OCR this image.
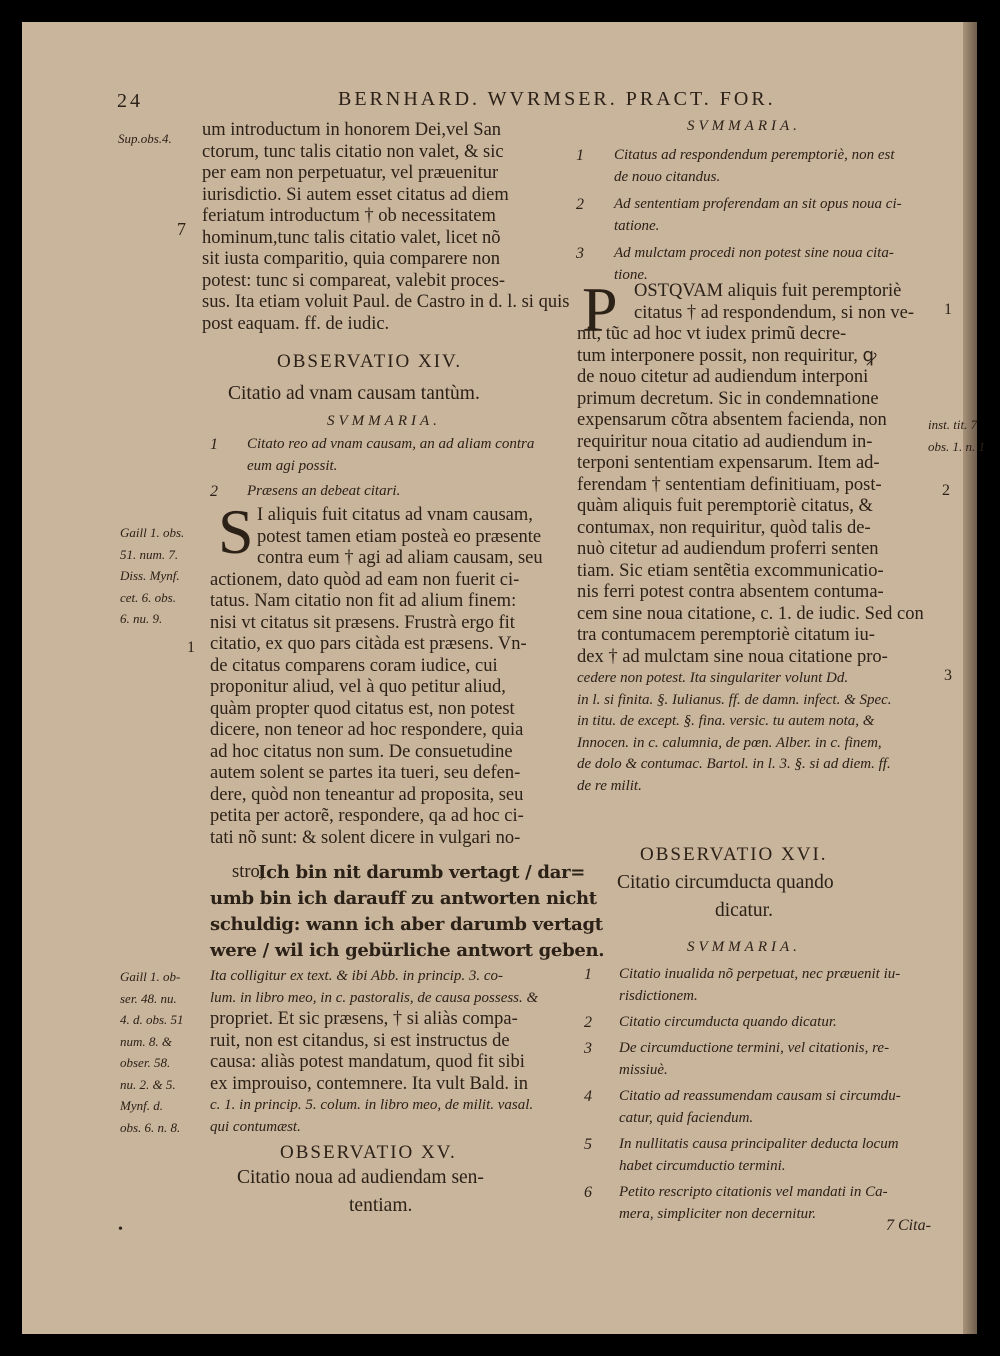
24	BERNHARD. WVRMSER. PRACT. FOR.
Sup.obs.4. um introductum in honorem Dei,vel San
ctorum, tunc talis citatio non valet, & sic
per eam non perpetuatur, vel præuenitur
iurisdictio. Si autem esset citatus ad diem
feriatum introductum † ob necessitatem
hominum,tunc talis citatio valet, licet nõ
sit iusta comparitio, quia comparere non
potest: tunc si compareat, valebit proces-
sus. Ita etiam voluit Paul. de Castro in d. l. si quis
post eaquam. ff. de iudic.
7
OBSERVATIO XIV.
Citatio ad vnam causam tantùm.
SVMMARIA.
1 Citato reo ad vnam causam, an ad aliam contra
eum agi possit.
2 Præsens an debeat citari.
S I aliquis fuit citatus ad vnam causam,
potest tamen etiam posteà eo præsente
contra eum † agi ad aliam causam, seu
actionem, dato quòd ad eam non fuerit ci-
tatus. Nam citatio non fit ad alium finem:
nisi vt citatus sit præsens. Frustrà ergo fit
citatio, ex quo pars citàda est præsens. Vn-
de citatus comparens coram iudice, cui
proponitur aliud, vel à quo petitur aliud,
quàm propter quod citatus est, non potest
dicere, non teneor ad hoc respondere, quia
ad hoc citatus non sum. De consuetudine
autem solent se partes ita tueri, seu defen-
dere, quòd non teneantur ad proposita, seu
petita per actorẽ, respondere, qa ad hoc ci-
tati nõ sunt: & solent dicere in vulgari no-
Gaill 1. obs.
51. num. 7.
Diss. Mynf.
cet. 6. obs.
6. nu. 9.
1
stro,
Ich bin nit darumb vertagt / dar=
umb bin ich darauff zu antworten nicht
schuldig: wann ich aber darumb vertagt
were / wil ich gebürliche antwort geben.
Ita colligitur ex text. & ibi Abb. in princip. 3. co-
lum. in libro meo, in c. pastoralis, de causa possess. &
propriet. Et sic præsens, † si aliàs compa-
ruit, non est citandus, si est instructus de
causa: aliàs potest mandatum, quod fit sibi
ex improuiso, contemnere. Ita vult Bald. in
c. 1. in princip. 5. colum. in libro meo, de milit. vasal.
qui contumæst.
Gaill 1. ob-
ser. 48. nu.
4. d. obs. 51
num. 8. &
obser. 58.
nu. 2. & 5.
Mynf. d.
obs. 6. n. 8.
OBSERVATIO XV.
Citatio noua ad audiendam sen-
tentiam.
SVMMARIA.
1 Citatus ad respondendum peremptoriè, non est
de nouo citandus.
2 Ad sententiam proferendam an sit opus noua ci-
tatione.
3 Ad mulctam procedi non potest sine noua cita-
tione.
P OSTQVAM aliquis fuit peremptoriè
citatus † ad respondendum, si non ve-
nit, tũc ad hoc vt iudex primũ decre-
tum interponere possit, non requiritur, ꝙ
de nouo citetur ad audiendum interponi
primum decretum. Sic in condemnatione
expensarum cõtra absentem facienda, non
requiritur noua citatio ad audiendum in-
terponi sententiam expensarum. Item ad-
ferendam † sententiam definitiuam, post-
quàm aliquis fuit peremptoriè citatus, &
contumax, non requiritur, quòd talis de-
nuò citetur ad audiendum proferri senten
tiam. Sic etiam sentẽtia excommunicatio-
nis ferri potest contra absentem contuma-
cem sine noua citatione, c. 1. de iudic. Sed con
tra contumacem peremptoriè citatum iu-
dex † ad mulctam sine noua citatione pro-
cedere non potest. Ita singulariter volunt Dd.
in l. si finita. §. Iulianus. ff. de damn. infect. & Spec.
in titu. de except. §. fina. versic. tu autem nota, &
Innocen. in c. calumnia, de pœn. Alber. in c. finem,
de dolo & contumac. Bartol. in l. 3. §. si ad diem. ff.
de re milit.
1
inst. tit. 7
obs. 1. n. 1
2
3
OBSERVATIO XVI.
Citatio circumducta quando
dicatur.
SVMMARIA.
1 Citatio inualida nõ perpetuat, nec præuenit iu-
risdictionem.
2 Citatio circumducta quando dicatur.
3 De circumductione termini, vel citationis, re-
missiuè.
4 Citatio ad reassumendam causam si circumdu-
catur, quid faciendum.
5 In nullitatis causa principaliter deducta locum
habet circumductio termini.
6 Petito rescripto citationis vel mandati in Ca-
mera, simpliciter non decernitur.
7 Cita-
•
